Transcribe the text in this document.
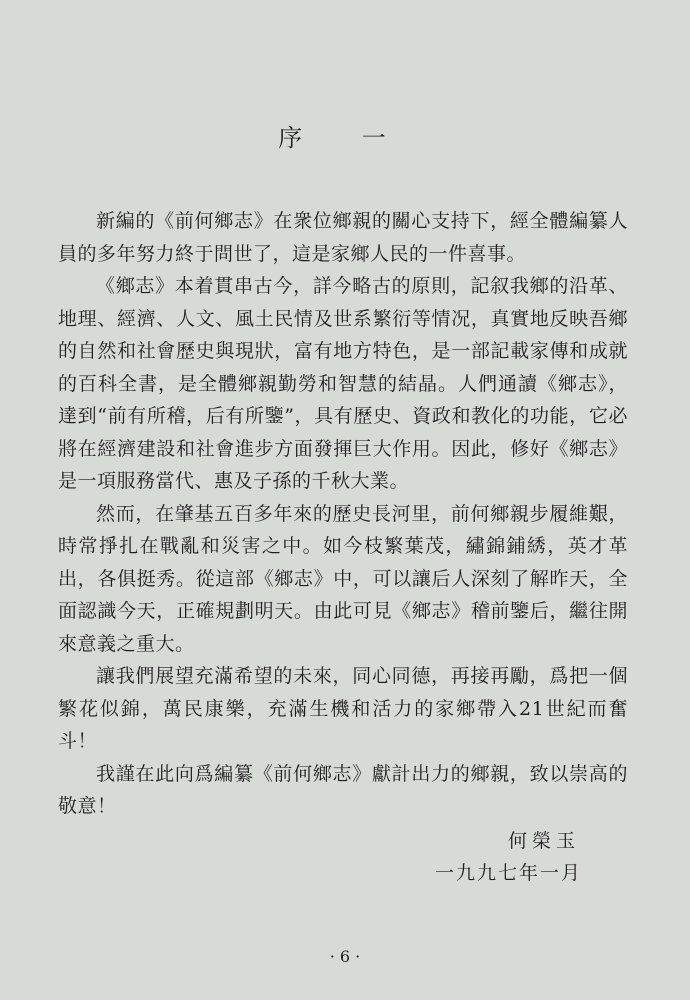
序 一

新編的《前何鄉志》在衆位鄉親的關心支持下，經全體編纂人員的多年努力終于問世了，這是家鄉人民的一件喜事。

《鄉志》本着貫串古今，詳今略古的原則，記叙我鄉的沿革、地理、經濟、人文、風土民情及世系繁衍等情况，真實地反映吾鄉的自然和社會歷史與現狀，富有地方特色，是一部記載家傳和成就的百科全書，是全體鄉親勤勞和智慧的結晶。人們通讀《鄉志》，達到“前有所稽，后有所鑒”，具有歷史、資政和教化的功能，它必將在經濟建設和社會進步方面發揮巨大作用。因此，修好《鄉志》是一項服務當代、惠及子孫的千秋大業。

然而，在肇基五百多年來的歷史長河里，前何鄉親步履維艱，時常掙扎在戰亂和災害之中。如今枝繁葉茂，繡錦鋪綉，英才革出，各俱挺秀。從這部《鄉志》中，可以讓后人深刻了解昨天，全面認識今天，正確規劃明天。由此可見《鄉志》稽前鑒后，繼往開來意義之重大。

讓我們展望充滿希望的未來，同心同德，再接再勵，爲把一個繁花似錦，萬民康樂，充滿生機和活力的家鄉帶入21世紀而奮斗！

我謹在此向爲編纂《前何鄉志》獻計出力的鄉親，致以崇高的敬意！

何榮玉
一九九七年一月
· 6 ·
